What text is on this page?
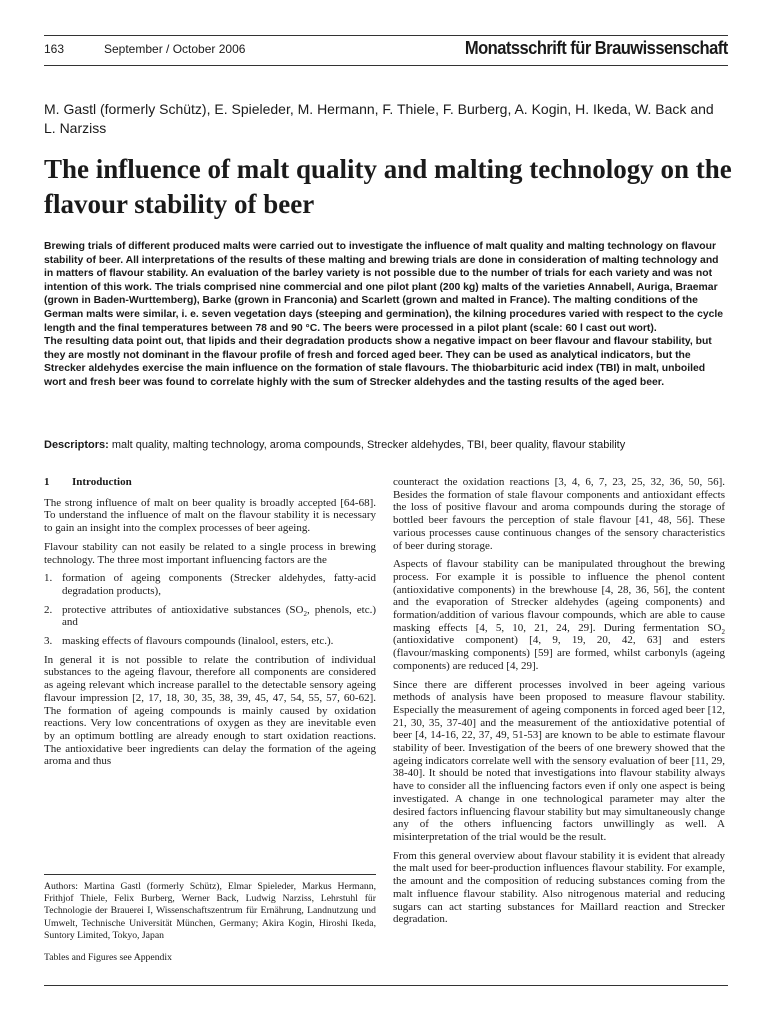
163	September / October 2006	Monatsschrift für Brauwissenschaft
M. Gastl (formerly Schütz), E. Spieleder, M. Hermann, F. Thiele, F. Burberg, A. Kogin, H. Ikeda, W. Back and L. Narziss
The influence of malt quality and malting technology on the flavour stability of beer

Brewing trials of different produced malts were carried out to investigate the influence of malt quality and malting technology on flavour stability of beer. All interpretations of the results of these malting and brewing trials are done in consideration of malting technology and in matters of flavour stability. An evaluation of the barley variety is not possible due to the number of trials for each variety and was not intention of this work. The trials comprised nine commercial and one pilot plant (200 kg) malts of the varieties Annabell, Auriga, Braemar (grown in Baden-Wurttemberg), Barke (grown in Franconia) and Scarlett (grown and malted in France). The malting conditions of the German malts were similar, i. e. seven vegetation days (steeping and germination), the kilning procedures varied with respect to the cycle length and the final temperatures between 78 and 90 °C. The beers were processed in a pilot plant (scale: 60 l cast out wort).

The resulting data point out, that lipids and their degradation products show a negative impact on beer flavour and flavour stability, but they are mostly not dominant in the flavour profile of fresh and forced aged beer. They can be used as analytical indicators, but the Strecker aldehydes exercise the main influence on the formation of stale flavours. The thiobarbituric acid index (TBI) in malt, unboiled wort and fresh beer was found to correlate highly with the sum of Strecker aldehydes and the tasting results of the aged beer.

Descriptors: malt quality, malting technology, aroma compounds, Strecker aldehydes, TBI, beer quality, flavour stability

1 Introduction

The strong influence of malt on beer quality is broadly accepted [64-68]. To understand the influence of malt on the flavour stability it is necessary to gain an insight into the complex processes of beer ageing.

Flavour stability can not easily be related to a single process in brewing technology. The three most important influencing factors are the

1. formation of ageing components (Strecker aldehydes, fatty-acid degradation products),
2. protective attributes of antioxidative substances ($SO_2$, phenols, etc.) and
3. masking effects of flavours compounds (linalool, esters, etc.).

In general it is not possible to relate the contribution of individual substances to the ageing flavour, therefore all components are considered as ageing relevant which increase parallel to the detectable sensory ageing flavour impression [2, 17, 18, 30, 35, 38, 39, 45, 47, 54, 55, 57, 60-62]. The formation of ageing compounds is mainly caused by oxidation reactions. Very low concentrations of oxygen as they are inevitable even by an optimum bottling are already enough to start oxidation reactions. The antioxidative beer ingredients can delay the formation of the ageing aroma and thus

counteract the oxidation reactions [3, 4, 6, 7, 23, 25, 32, 36, 50, 56]. Besides the formation of stale flavour components and antioxidant effects the loss of positive flavour and aroma compounds during the storage of bottled beer favours the perception of stale flavour [41, 48, 56]. These various processes cause continuous changes of the sensory characteristics of beer during storage.

Aspects of flavour stability can be manipulated throughout the brewing process. For example it is possible to influence the phenol content (antioxidative components) in the brewhouse [4, 28, 36, 56], the content and the evaporation of Strecker aldehydes (ageing components) and formation/addition of various flavour compounds, which are able to cause masking effects [4, 5, 10, 21, 24, 29]. During fermentation $SO_2$ (antioxidative component) [4, 9, 19, 20, 42, 63] and esters (flavour/masking components) [59] are formed, whilst carbonyls (ageing components) are reduced [4, 29].

Since there are different processes involved in beer ageing various methods of analysis have been proposed to measure flavour stability. Especially the measurement of ageing components in forced aged beer [12, 21, 30, 35, 37-40] and the measurement of the antioxidative potential of beer [4, 14-16, 22, 37, 49, 51-53] are known to be able to estimate flavour stability of beer. Investigation of the beers of one brewery showed that the ageing indicators correlate well with the sensory evaluation of beer [11, 29, 38-40]. It should be noted that investigations into flavour stability always have to consider all the influencing factors even if only one aspect is being investigated. A change in one technological parameter may alter the desired factors influencing flavour stability but may simultaneously change any of the others influencing factors unwillingly as well. A misinterpretation of the trial would be the result.

From this general overview about flavour stability it is evident that already the malt used for beer-production influences flavour stability. For example, the amount and the composition of reducing substances coming from the malt influence flavour stability. Also nitrogenous material and reducing sugars can act starting substances for Maillard reaction and Strecker degradation.

Authors: Martina Gastl (formerly Schütz), Elmar Spieleder, Markus Hermann, Frithjof Thiele, Felix Burberg, Werner Back, Ludwig Narziss, Lehrstuhl für Technologie der Brauerei I, Wissenschaftszentrum für Ernährung, Landnutzung und Umwelt, Technische Universität München, Germany; Akira Kogin, Hiroshi Ikeda, Suntory Limited, Tokyo, Japan
Tables and Figures see Appendix
